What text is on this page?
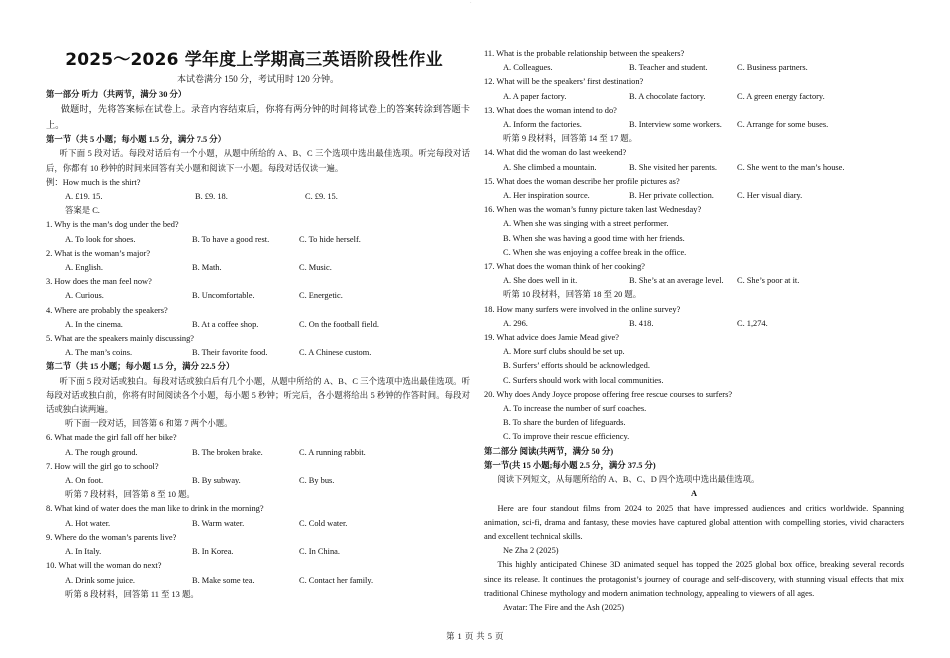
·
2025～2026 学年度上学期高三英语阶段性作业
本试卷满分 150 分，考试用时 120 分钟。
第一部分 听力（共两节，满分 30 分）
做题时，先将答案标在试卷上。录音内容结束后，你将有两分钟的时间将试卷上的答案转涂到答题卡上。
第一节（共 5 小题；每小题 1.5 分，满分 7.5 分）
听下面 5 段对话。每段对话后有一个小题，从题中所给的 A、B、C 三个选项中选出最佳选项。听完每段对话后，你都有 10 秒钟的时间来回答有关小题和阅读下一小题。每段对话仅读一遍。
例：How much is the shirt?
A. £19. 15.	B. £9. 18.	C. £9. 15.
答案是 C.
1. Why is the man’s dog under the bed?
A. To look for shoes.	B. To have a good rest.	C. To hide herself.
2. What is the woman’s major?
A. English.	B. Math.	C. Music.
3. How does the man feel now?
A. Curious.	B. Uncomfortable.	C. Energetic.
4. Where are probably the speakers?
A. In the cinema.	B. At a coffee shop.	C. On the football field.
5. What are the speakers mainly discussing?
A. The man’s coins.	B. Their favorite food.	C. A Chinese custom.
第二节（共 15 小题；每小题 1.5 分，满分 22.5 分）
听下面 5 段对话或独白。每段对话或独白后有几个小题，从题中所给的 A、B、C 三个选项中选出最佳选项。听每段对话或独白前，你将有时间阅读各个小题，每小题 5 秒钟；听完后，各小题将给出 5 秒钟的作答时间。每段对话或独白读两遍。
听下面一段对话，回答第 6 和第 7 两个小题。
6. What made the girl fall off her bike?
A. The rough ground.	B. The broken brake.	C. A running rabbit.
7. How will the girl go to school?
A. On foot.	B. By subway.	C. By bus.
听第 7 段材料，回答第 8 至 10 题。
8. What kind of water does the man like to drink in the morning?
A. Hot water.	B. Warm water.	C. Cold water.
9. Where do the woman’s parents live?
A. In Italy.	B. In Korea.	C. In China.
10. What will the woman do next?
A. Drink some juice.	B. Make some tea.	C. Contact her family.
听第 8 段材料，回答第 11 至 13 题。
11. What is the probable relationship between the speakers?
A. Colleagues.	B. Teacher and student.	C. Business partners.
12. What will be the speakers’ first destination?
A. A paper factory.	B. A chocolate factory.	C. A green energy factory.
13. What does the woman intend to do?
A. Inform the factories.	B. Interview some workers.	C. Arrange for some buses.
听第 9 段材料，回答第 14 至 17 题。
14. What did the woman do last weekend?
A. She climbed a mountain.	B. She visited her parents.	C. She went to the man’s house.
15. What does the woman describe her profile pictures as?
A. Her inspiration source.	B. Her private collection.	C. Her visual diary.
16. When was the woman’s funny picture taken last Wednesday?
A. When she was singing with a street performer.
B. When she was having a good time with her friends.
C. When she was enjoying a coffee break in the office.
17. What does the woman think of her cooking?
A. She does well in it.	B. She’s at an average level.	C. She’s poor at it.
听第 10 段材料，回答第 18 至 20 题。
18. How many surfers were involved in the online survey?
A. 296.	B. 418.	C. 1,274.
19. What advice does Jamie Mead give?
A. More surf clubs should be set up.
B. Surfers’ efforts should be acknowledged.
C. Surfers should work with local communities.
20. Why does Andy Joyce propose offering free rescue courses to surfers?
A. To increase the number of surf coaches.
B. To share the burden of lifeguards.
C. To improve their rescue efficiency.
第二部分 阅读(共两节，满分 50 分)
第一节(共 15 小题;每小题 2.5 分，满分 37.5 分)
阅读下列短文，从每题所给的 A、B、C、D 四个选项中选出最佳选项。
A
Here are four standout films from 2024 to 2025 that have impressed audiences and critics worldwide. Spanning animation, sci-fi, drama and fantasy, these movies have captured global attention with compelling stories, vivid characters and excellent technical skills.
Ne Zha 2 (2025)
This highly anticipated Chinese 3D animated sequel has topped the 2025 global box office, breaking several records since its release. It continues the protagonist’s journey of courage and self-discovery, with stunning visual effects that mix traditional Chinese mythology and modern animation technology, appealing to viewers of all ages.
Avatar: The Fire and the Ash (2025)
第 1 页 共 5 页
